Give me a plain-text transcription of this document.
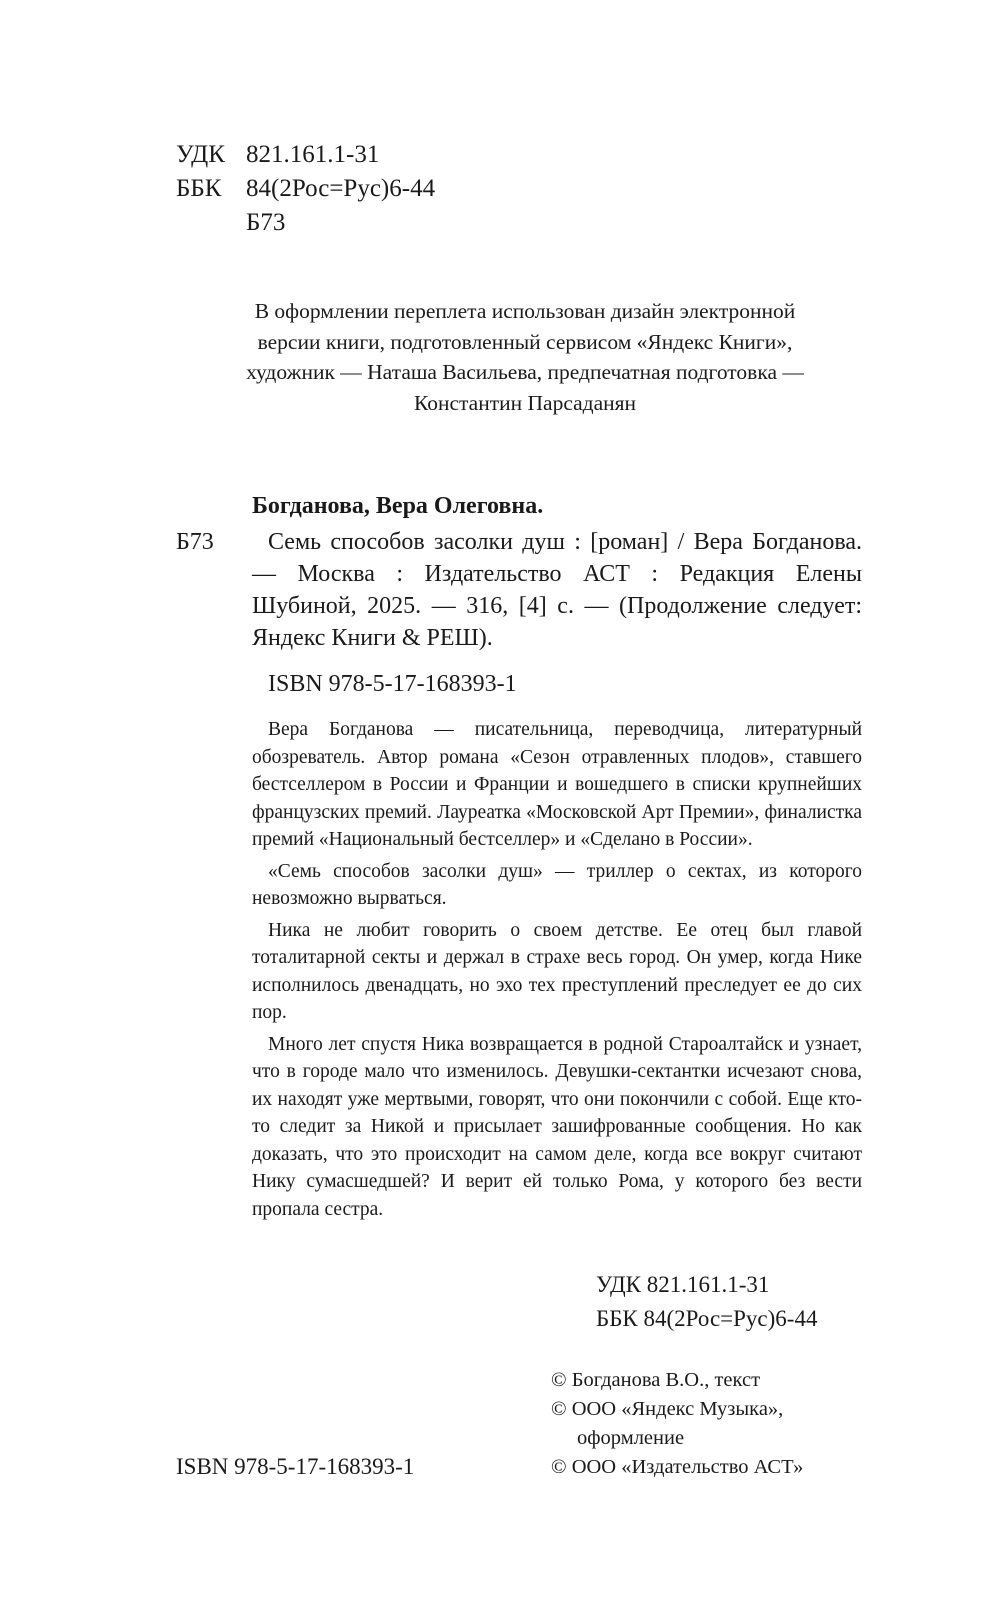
УДК 821.161.1-31
ББК 84(2Рос=Рус)6-44
Б73
В оформлении переплета использован дизайн электронной
версии книги, подготовленный сервисом «Яндекс Книги»,
художник — Наташа Васильева, предпечатная подготовка —
Константин Парсаданян
Богданова, Вера Олеговна.
Б73	Семь способов засолки душ : [роман] / Вера Богданова. — Москва : Издательство АСТ : Редакция Елены Шубиной, 2025. — 316, [4] с. — (Продолжение следует: Яндекс Книги & РЕШ).
ISBN 978-5-17-168393-1

Вера Богданова — писательница, переводчица, литературный обозреватель. Автор романа «Сезон отравленных плодов», ставшего бестселлером в России и Франции и вошедшего в списки крупнейших французских премий. Лауреатка «Московской Арт Премии», финалистка премий «Национальный бестселлер» и «Сделано в России».

«Семь способов засолки душ» — триллер о сектах, из которого невозможно вырваться.

Ника не любит говорить о своем детстве. Ее отец был главой тоталитарной секты и держал в страхе весь город. Он умер, когда Нике исполнилось двенадцать, но эхо тех преступлений преследует ее до сих пор.

Много лет спустя Ника возвращается в родной Староалтайск и узнает, что в городе мало что изменилось. Девушки-сектантки исчезают снова, их находят уже мертвыми, говорят, что они покончили с собой. Еще кто-то следит за Никой и присылает зашифрованные сообщения. Но как доказать, что это происходит на самом деле, когда все вокруг считают Нику сумасшедшей? И верит ей только Рома, у которого без вести пропала сестра.

УДК 821.161.1-31
ББК 84(2Рос=Рус)6-44
© Богданова В.О., текст
© ООО «Яндекс Музыка»,
оформление
© ООО «Издательство АСТ»
ISBN 978-5-17-168393-1
